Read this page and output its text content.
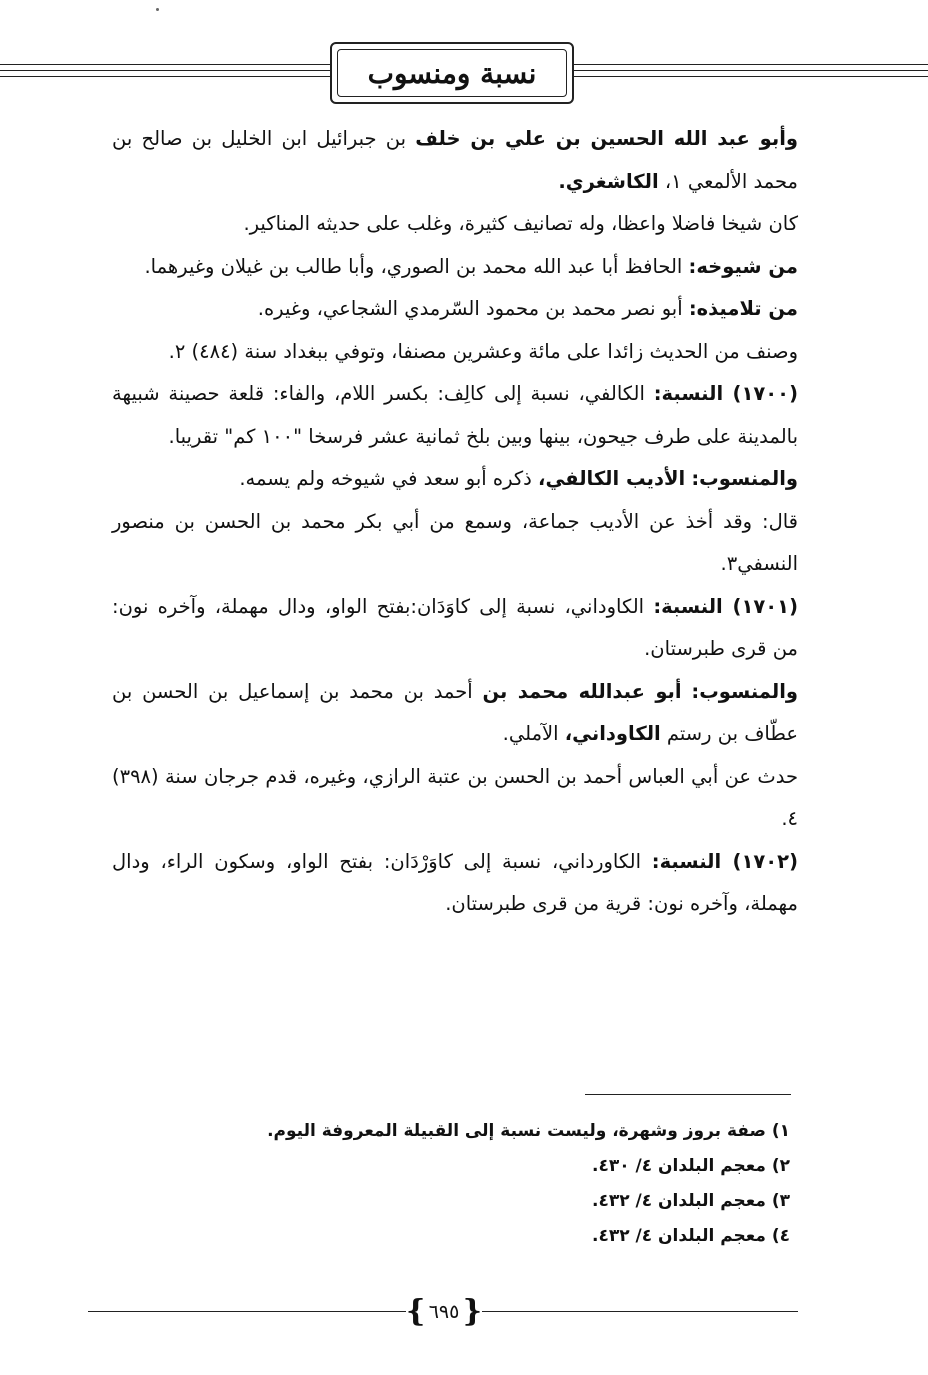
نسبة ومنسوب

وأبو عبد الله الحسين بن علي بن خلف بن جبرائيل ابن الخليل بن صالح بن محمد الألمعي ١، الكاشغري.

كان شيخا فاضلا واعظا، وله تصانيف كثيرة، وغلب على حديثه المناكير.

من شيوخه: الحافظ أبا عبد الله محمد بن الصوري، وأبا طالب بن غيلان وغيرهما.

من تلاميذه: أبو نصر محمد بن محمود السّرمدي الشجاعي، وغيره.

وصنف من الحديث زائدا على مائة وعشرين مصنفا، وتوفي ببغداد سنة (٤٨٤) ٢.

(١٧٠٠) النسبة: الكالفي، نسبة إلى كالِف: بكسر اللام، والفاء: قلعة حصينة شبيهة بالمدينة على طرف جيحون، بينها وبين بلخ ثمانية عشر فرسخا "١٠٠ كم" تقريبا.

والمنسوب: الأديب الكالفي، ذكره أبو سعد في شيوخه ولم يسمه.

قال: وقد أخذ عن الأديب جماعة، وسمع من أبي بكر محمد بن الحسن بن منصور النسفي٣.

(١٧٠١) النسبة: الكاوداني، نسبة إلى كاوَدَان:بفتح الواو، ودال مهملة، وآخره نون: من قرى طبرستان.

والمنسوب: أبو عبدالله محمد بن أحمد بن محمد بن إسماعيل بن الحسن بن عطّاف بن رستم الكاوداني، الآملي.

حدث عن أبي العباس أحمد بن الحسن بن عتبة الرازي، وغيره، قدم جرجان سنة (٣٩٨) ٤.

(١٧٠٢) النسبة: الكاورداني، نسبة إلى كاوَرْدَان: بفتح الواو، وسكون الراء، ودال مهملة، وآخره نون: قرية من قرى طبرستان.

١) صفة بروز وشهرة، وليست نسبة إلى القبيلة المعروفة اليوم.

٢) معجم البلدان ٤/ ٤٣٠.

٣) معجم البلدان ٤/ ٤٣٢.

٤) معجم البلدان ٤/ ٤٣٢.

{ ٦٩٥ }
